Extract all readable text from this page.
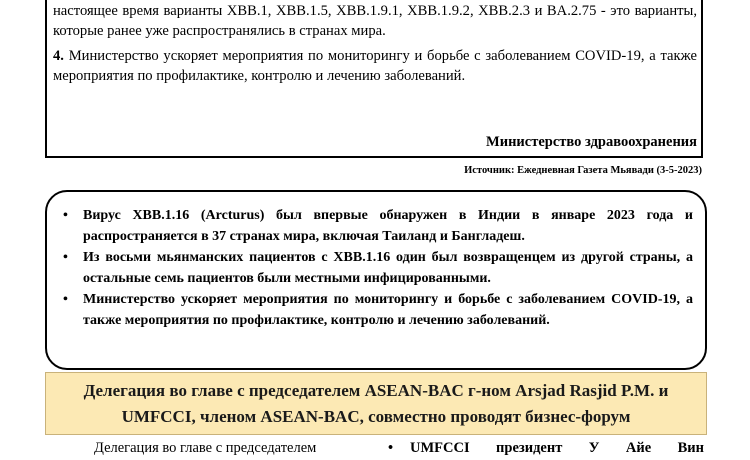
настоящее время варианты XBB.1, XBB.1.5, XBB.1.9.1, XBB.1.9.2, XBB.2.3 и BA.2.75 - это варианты, которые ранее уже распространялись в странах мира.

4. Министерство ускоряет мероприятия по мониторингу и борьбе с заболеванием COVID-19, а также мероприятия по профилактике, контролю и лечению заболеваний.

Министерство здравоохранения
Источник: Ежедневная Газета Мьявади (3-5-2023)
• Вирус XBB.1.16 (Arcturus) был впервые обнаружен в Индии в январе 2023 года и распространяется в 37 странах мира, включая Таиланд и Бангладеш.
• Из восьми мьянманских пациентов с XBB.1.16 один был возвращенцем из другой страны, а остальные семь пациентов были местными инфицированными.
• Министерство ускоряет мероприятия по мониторингу и борьбе с заболеванием COVID-19, а также мероприятия по профилактике, контролю и лечению заболеваний.
Делегация во главе с председателем ASEAN-BAC г-ном Arsjad Rasjid P.M. и
UMFCCI, членом ASEAN-BAC, совместно проводят бизнес-форум
Делегация во главе с председателем	•	UMFCCI президент У Айе Вин
